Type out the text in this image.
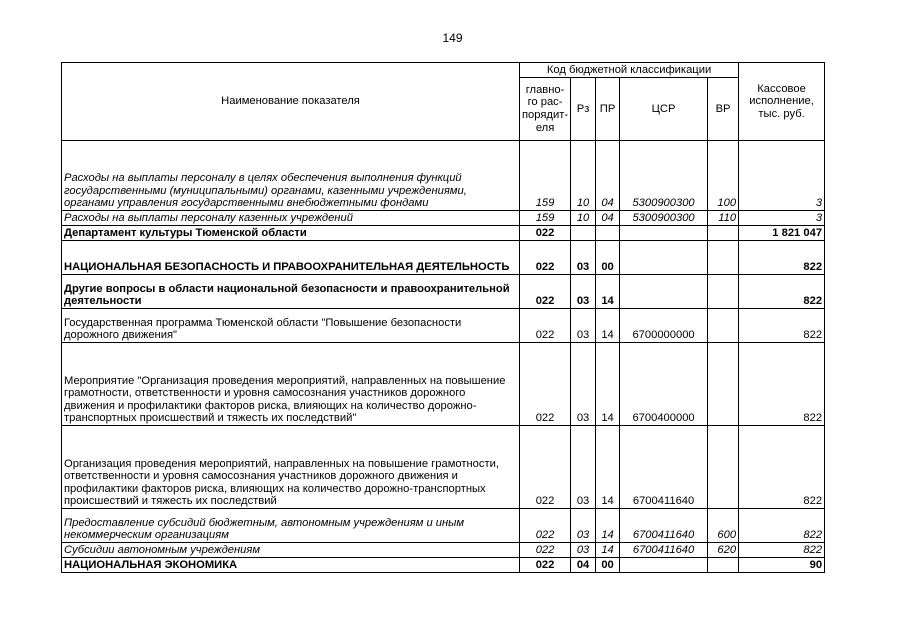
149
Наименование показателя	Код бюджетной классификации					Кассовое исполнение, тыс. руб.
	главно-го рас-порядит-еля	Рз	ПР	ЦСР	ВР	
Расходы на выплаты персоналу в целях обеспечения выполнения функций государственными (муниципальными) органами, казенными учреждениями, органами управления государственными внебюджетными фондами	159	10	04	5300900300	100	3
Расходы на выплаты персоналу казенных учреждений	159	10	04	5300900300	110	3
Департамент культуры Тюменской области	022					1 821 047
НАЦИОНАЛЬНАЯ БЕЗОПАСНОСТЬ И ПРАВООХРАНИТЕЛЬНАЯ ДЕЯТЕЛЬНОСТЬ	022	03	00			822
Другие вопросы в области национальной безопасности и правоохранительной деятельности	022	03	14			822
Государственная программа Тюменской области "Повышение безопасности дорожного движения"	022	03	14	6700000000		822
Мероприятие "Организация проведения мероприятий, направленных на повышение грамотности, ответственности и уровня самосознания участников дорожного движения и профилактики факторов риска, влияющих на количество дорожно-транспортных происшествий и тяжесть их последствий"	022	03	14	6700400000		822
Организация проведения мероприятий, направленных на повышение грамотности, ответственности и уровня самосознания участников дорожного движения и профилактики факторов риска, влияющих на количество дорожно-транспортных происшествий и тяжесть их последствий	022	03	14	6700411640		822
Предоставление субсидий бюджетным, автономным учреждениям и иным некоммерческим организациям	022	03	14	6700411640	600	822
Субсидии автономным учреждениям	022	03	14	6700411640	620	822
НАЦИОНАЛЬНАЯ ЭКОНОМИКА	022	04	00			90
